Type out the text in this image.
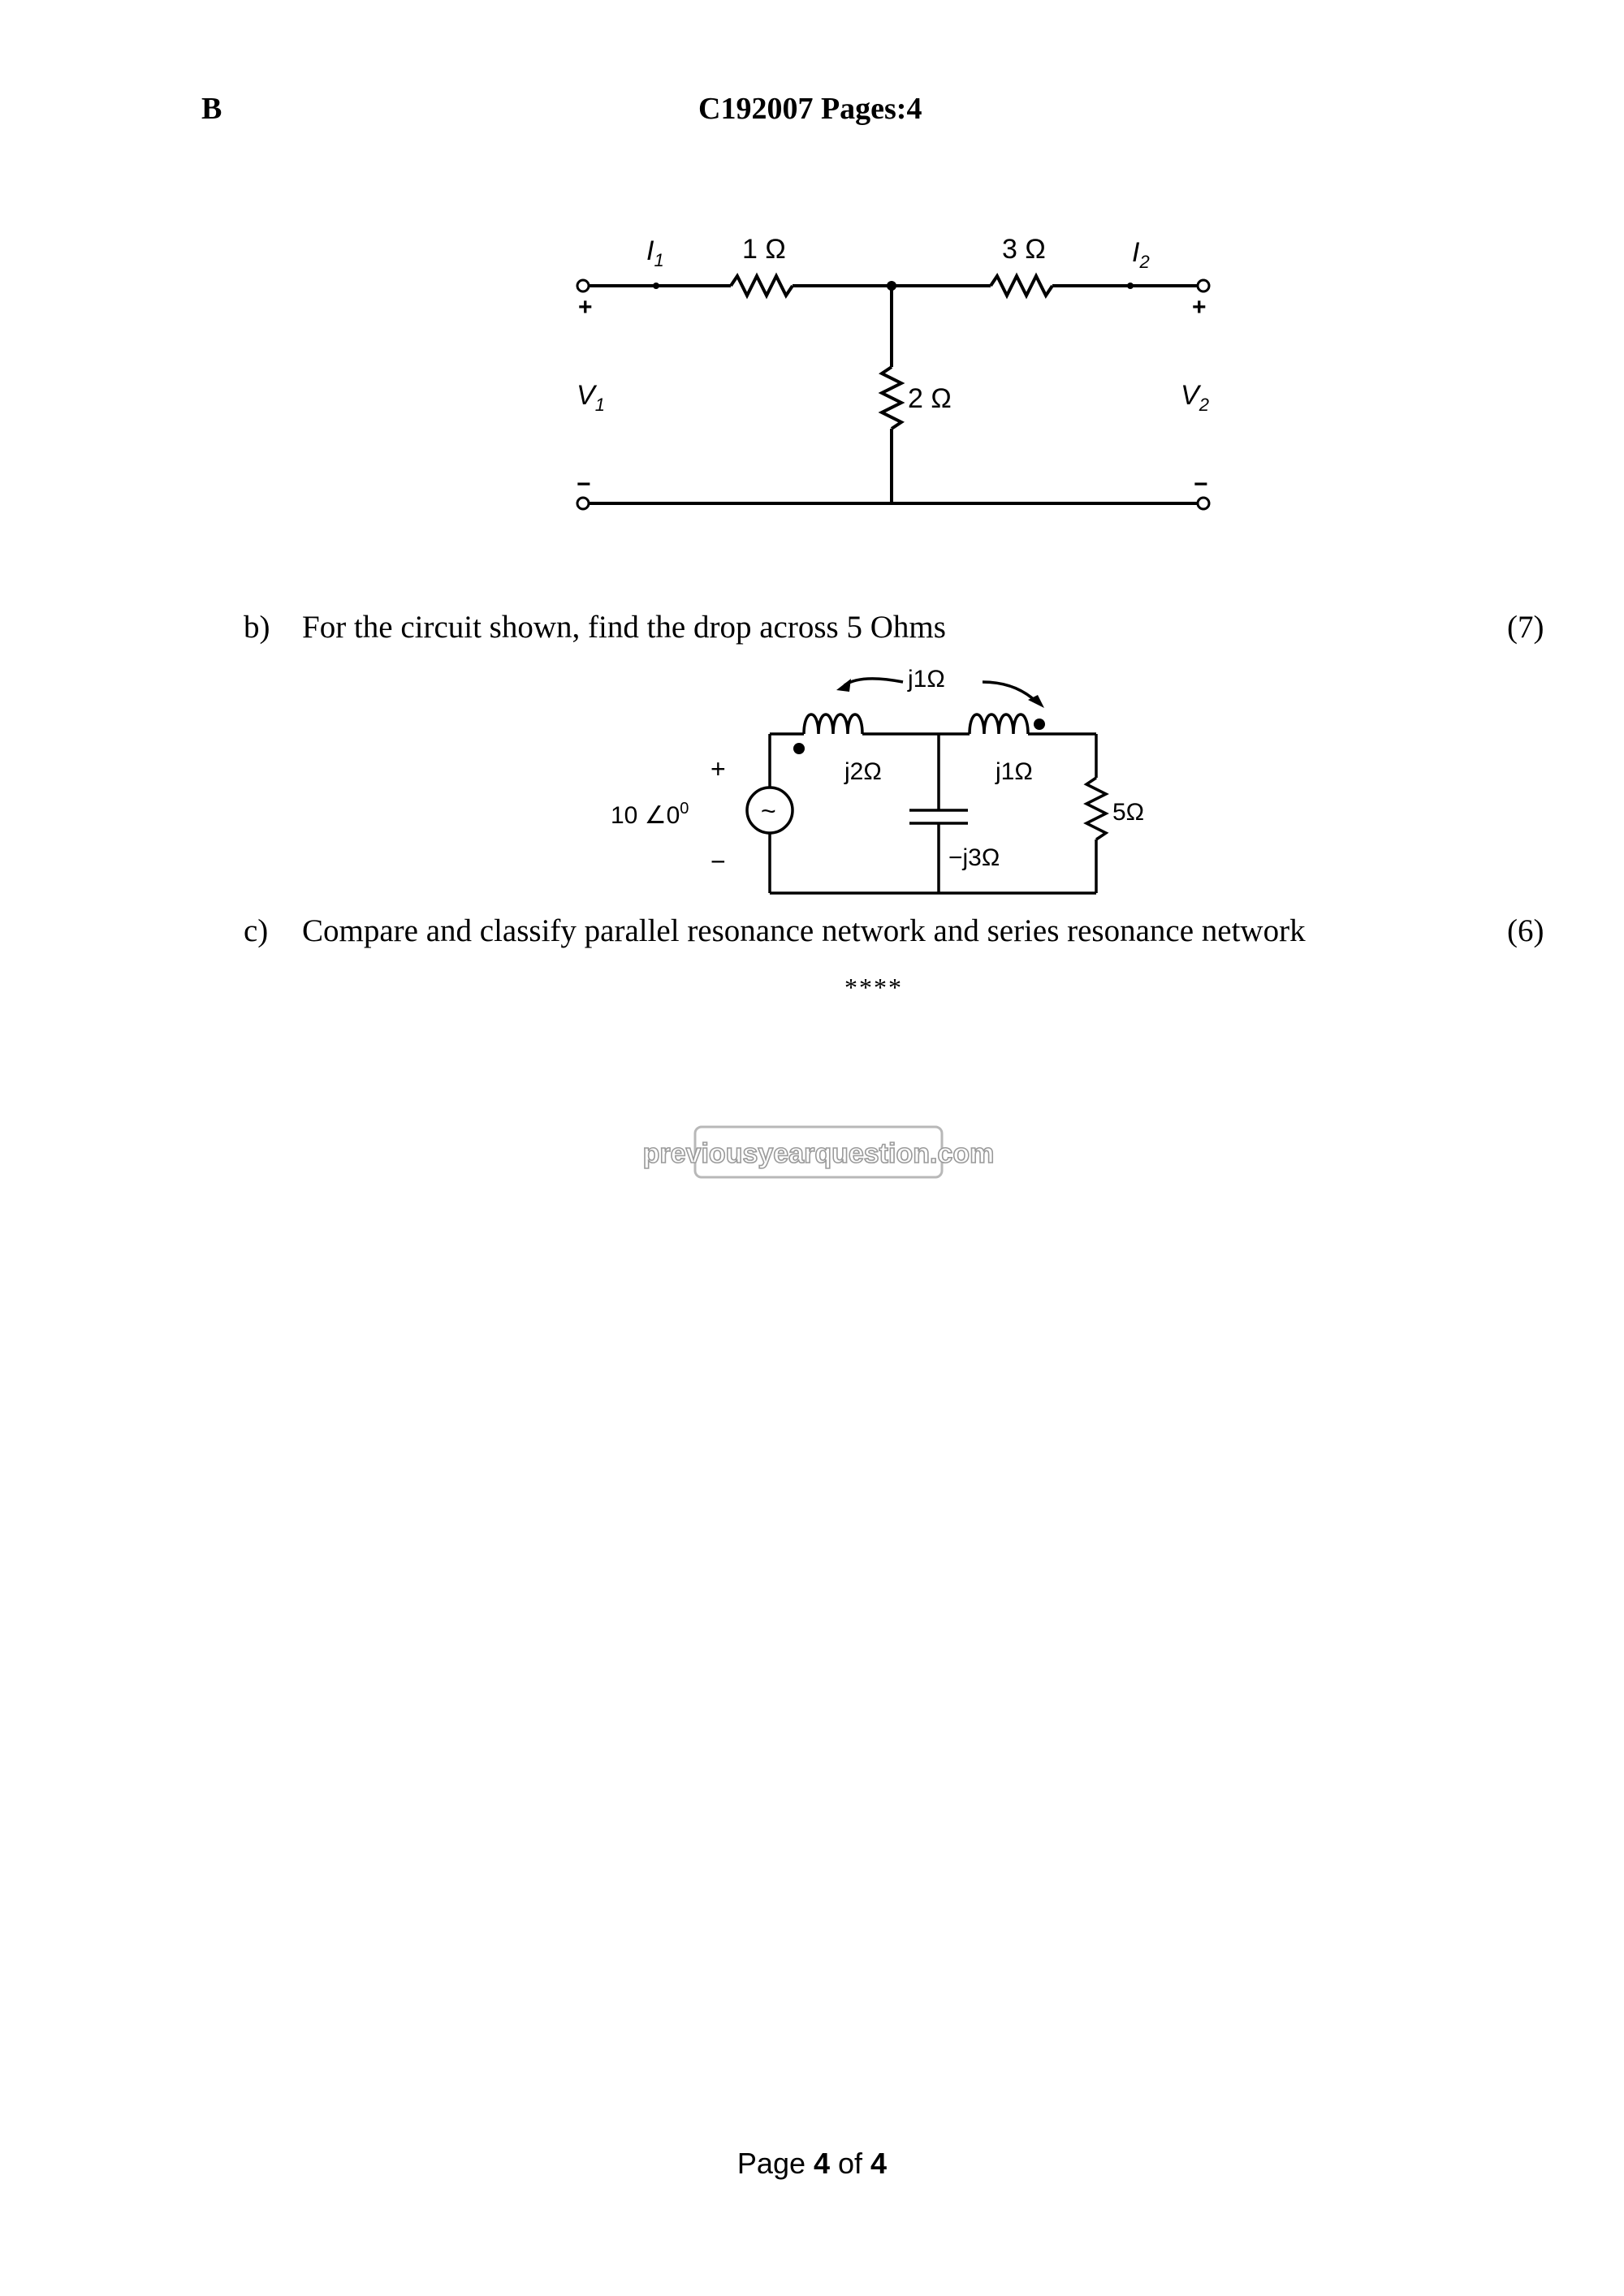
B	C192007 Pages:4
$I_1$	1 Ω	3 Ω	$I_2$
2 Ω
+	+
$V_1$	$V_2$
−	−
b) For the circuit shown, find the drop across 5 Ohms	(7)
j1Ω
j2Ω	j1Ω
−j3Ω
5Ω
+
−
~
10 $\angle 0^0$
c) Compare and classify parallel resonance network and series resonance network	(6)
****
previousyearquestion.com
Page 4 of 4
